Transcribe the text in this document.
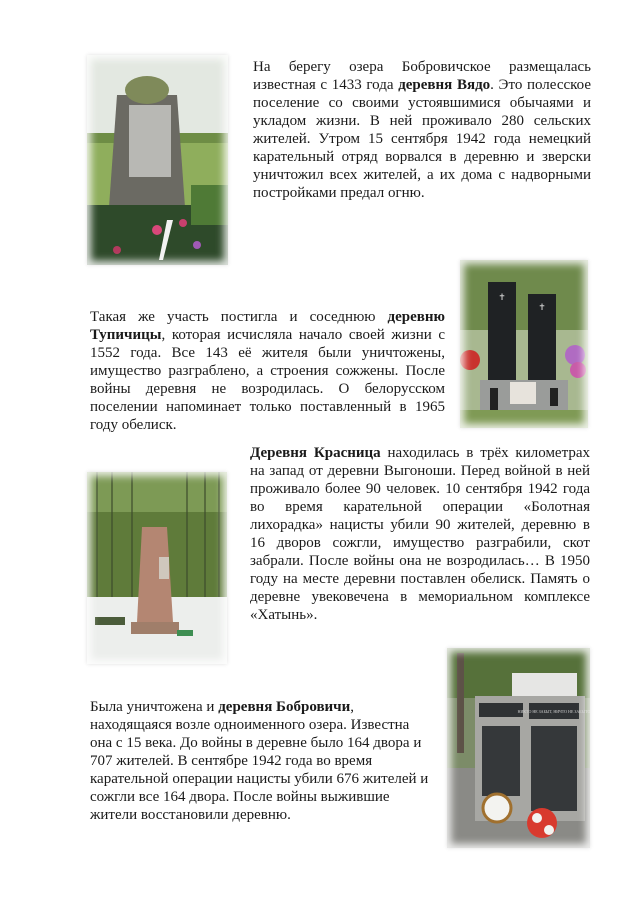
На берегу озера Бобровичское размещалась известная с 1433 года деревня Вядо. Это полесское поселение со своими устоявшимися обычаями и укладом жизни. В ней проживало 280 сельских жителей. Утром 15 сентября 1942 года немецкий карательный отряд ворвался в деревню и зверски уничтожил всех жителей, а их дома с надворными постройками предал огню.

Такая же участь постигла и соседнюю деревню Тупичицы, которая исчисляла начало своей жизни с 1552 года. Все 143 её жителя были уничтожены, имущество разграблено, а строения сожжены. После войны деревня не возродилась. О белорусском поселении напоминает только поставленный в 1965 году обелиск.

✝
✝

Деревня Красница находилась в трёх километрах на запад от деревни Выгоноши. Перед войной в ней проживало более 90 человек. 10 сентября 1942 года во время карательной операции «Болотная лихорадка» нацисты убили 90 жителей, деревню в 16 дворов сожгли, имущество разграбили, скот забрали. После войны она не возродилась… В 1950 году на месте деревни поставлен обелиск. Память о деревне увековечена в мемориальном комплексе «Хатынь».

Была уничтожена и деревня Бобровичи, находящаяся возле одноименного озера. Известна она с 15 века. До войны в деревне было 164 двора и 707 жителей. В сентябре 1942 года во время карательной операции нацисты убили 676 жителей и сожгли все 164 двора. После войны выжившие жители восстановили деревню.

НИКТО НЕ ЗАБЫТ, НИЧТО НЕ ЗАБЫТО
